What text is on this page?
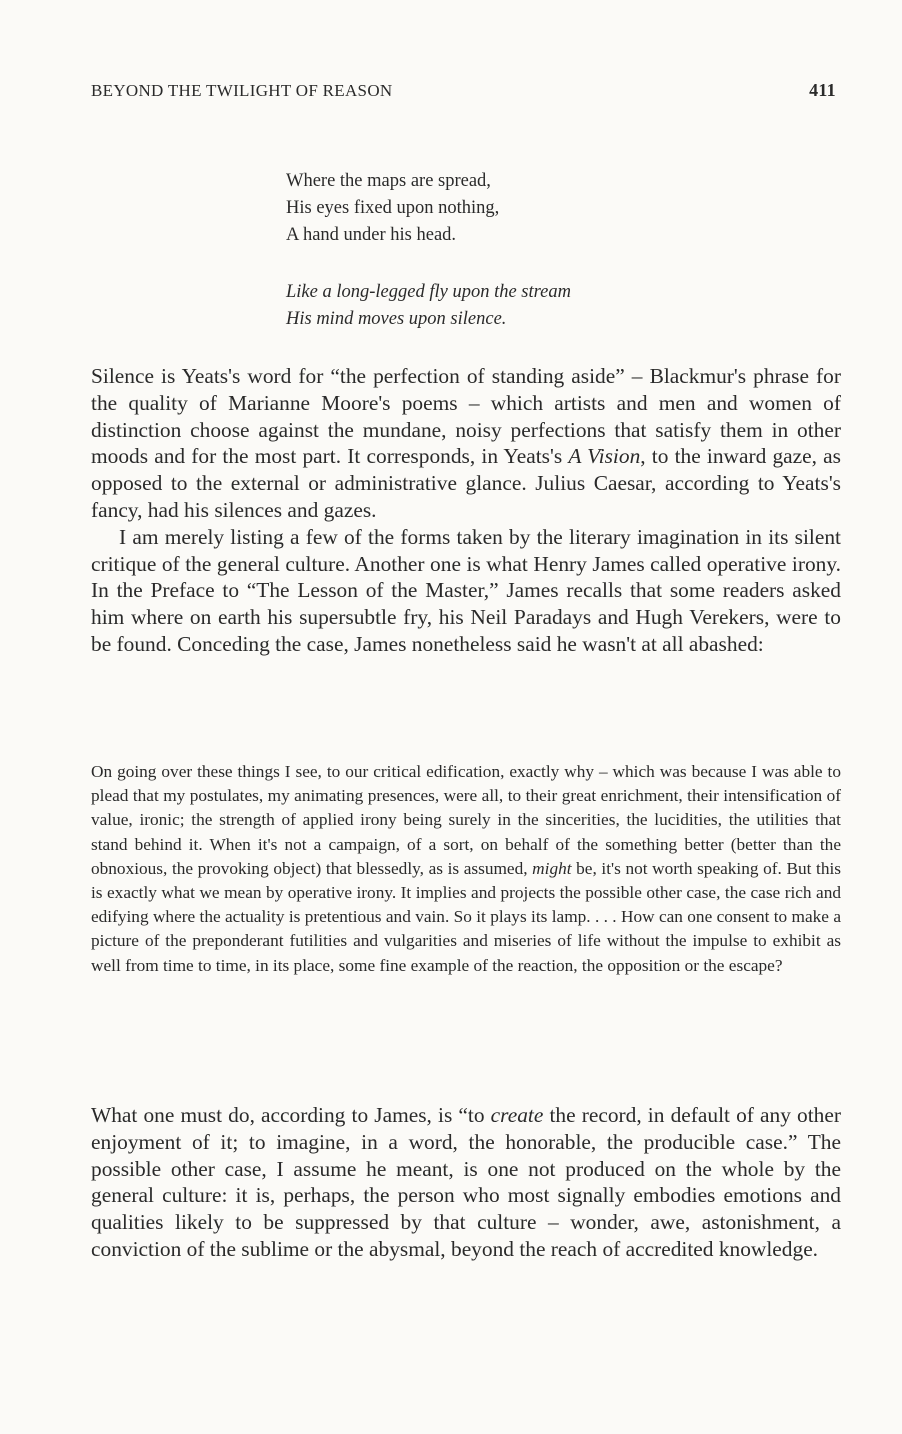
BEYOND THE TWILIGHT OF REASON	411
Where the maps are spread,
His eyes fixed upon nothing,
A hand under his head.
Like a long-legged fly upon the stream
His mind moves upon silence.

Silence is Yeats's word for “the perfection of standing aside” – Blackmur's phrase for the quality of Marianne Moore's poems – which artists and men and women of distinction choose against the mundane, noisy perfections that satisfy them in other moods and for the most part. It corresponds, in Yeats's A Vision, to the inward gaze, as opposed to the external or administrative glance. Julius Caesar, according to Yeats's fancy, had his silences and gazes.

I am merely listing a few of the forms taken by the literary imagination in its silent critique of the general culture. Another one is what Henry James called operative irony. In the Preface to “The Lesson of the Master,” James recalls that some readers asked him where on earth his supersubtle fry, his Neil Paradays and Hugh Verekers, were to be found. Conceding the case, James nonetheless said he wasn't at all abashed:

On going over these things I see, to our critical edification, exactly why – which was because I was able to plead that my postulates, my animating presences, were all, to their great enrichment, their intensification of value, ironic; the strength of applied irony being surely in the sincerities, the lucidities, the utilities that stand behind it. When it's not a campaign, of a sort, on behalf of the something better (better than the obnoxious, the provoking object) that blessedly, as is assumed, might be, it's not worth speaking of. But this is exactly what we mean by operative irony. It implies and projects the possible other case, the case rich and edifying where the actuality is pretentious and vain. So it plays its lamp. . . . How can one consent to make a picture of the preponderant futilities and vulgarities and miseries of life without the impulse to exhibit as well from time to time, in its place, some fine example of the reaction, the opposition or the escape?

What one must do, according to James, is “to create the record, in default of any other enjoyment of it; to imagine, in a word, the honorable, the producible case.” The possible other case, I assume he meant, is one not produced on the whole by the general culture: it is, perhaps, the person who most signally embodies emotions and qualities likely to be suppressed by that culture – wonder, awe, astonishment, a conviction of the sublime or the abysmal, beyond the reach of accredited knowledge.
